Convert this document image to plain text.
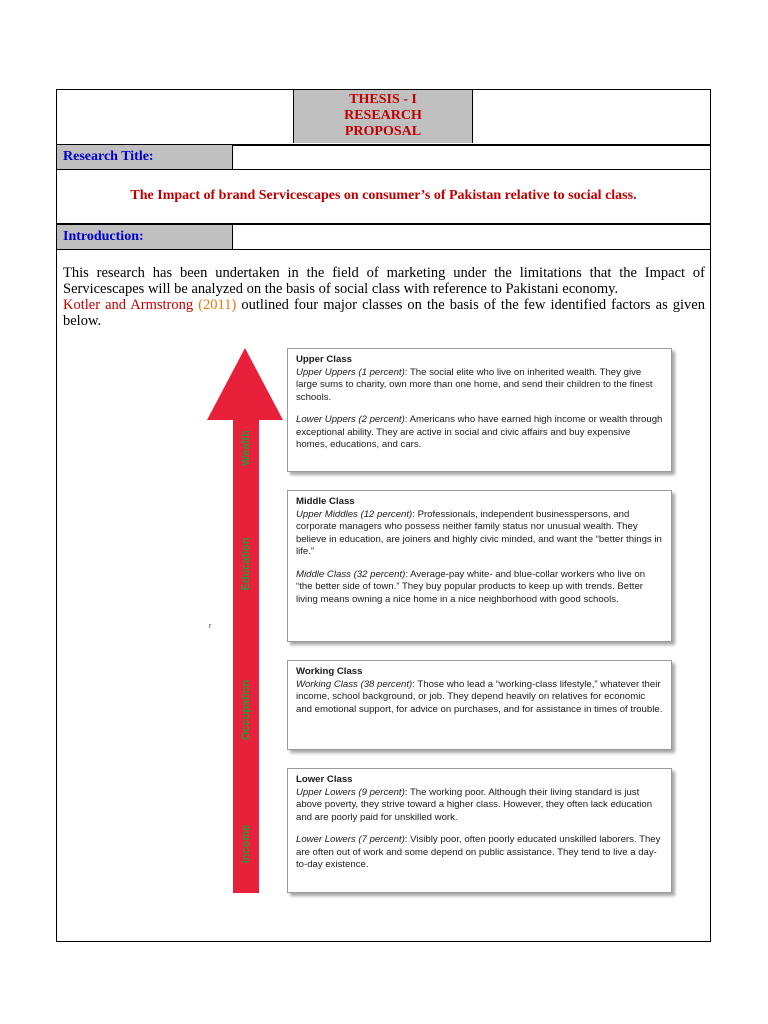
THESIS - I
RESEARCH
PROPOSAL
Research Title:
The Impact of brand Servicescapes on consumer’s of Pakistan relative to social class.
Introduction:
This research has been undertaken in the field of marketing under the limitations that the Impact of Servicescapes will be analyzed on the basis of social class with reference to Pakistani economy.
Kotler and Armstrong (2011) outlined four major classes on the basis of the few identified factors as given below.
Wealth
Education
Occupation
Income
r
Upper Class
Upper Uppers (1 percent): The social elite who live on inherited wealth. They give large sums to charity, own more than one home, and send their children to the finest schools.
Lower Uppers (2 percent): Americans who have earned high income or wealth through exceptional ability. They are active in social and civic affairs and buy expensive homes, educations, and cars.
Middle Class
Upper Middles (12 percent): Professionals, independent businesspersons, and corporate managers who possess neither family status nor unusual wealth. They believe in education, are joiners and highly civic minded, and want the “better things in life.”
Middle Class (32 percent): Average-pay white- and blue-collar workers who live on “the better side of town.” They buy popular products to keep up with trends. Better living means owning a nice home in a nice neighborhood with good schools.
Working Class
Working Class (38 percent): Those who lead a “working-class lifestyle,” whatever their income, school background, or job. They depend heavily on relatives for economic and emotional support, for advice on purchases, and for assistance in times of trouble.
Lower Class
Upper Lowers (9 percent): The working poor. Although their living standard is just above poverty, they strive toward a higher class. However, they often lack education and are poorly paid for unskilled work.
Lower Lowers (7 percent): Visibly poor, often poorly educated unskilled laborers. They are often out of work and some depend on public assistance. They tend to live a day-to-day existence.
